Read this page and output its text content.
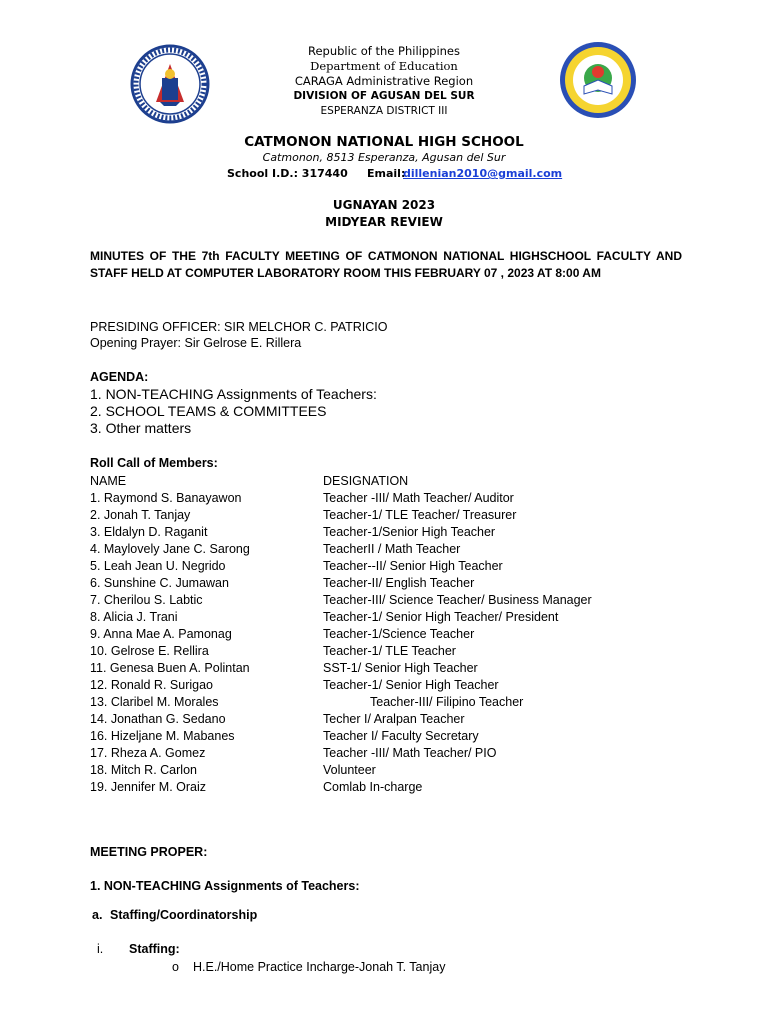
Republic of the Philippines
Department of Education
CARAGA Administrative Region
DIVISION OF AGUSAN DEL SUR
ESPERANZA DISTRICT III
CATMONON NATIONAL HIGH SCHOOL
Catmonon, 8513 Esperanza, Agusan del Sur
School I.D.: 317440 Email:
dillenian2010@gmail.com
UGNAYAN 2023
MIDYEAR REVIEW
MINUTES OF THE 7th FACULTY MEETING OF CATMONON NATIONAL HIGHSCHOOL FACULTY AND STAFF HELD AT COMPUTER LABORATORY ROOM THIS FEBRUARY 07 , 2023 AT 8:00 AM
PRESIDING OFFICER: SIR MELCHOR C. PATRICIO
Opening Prayer: Sir Gelrose E. Rillera
AGENDA:
1. NON-TEACHING Assignments of Teachers:
2. SCHOOL TEAMS & COMMITTEES
3. Other matters
Roll Call of Members:
NAME	DESIGNATION
1. Raymond S. Banayawon	Teacher -III/ Math Teacher/ Auditor
2. Jonah T. Tanjay	Teacher-1/ TLE Teacher/ Treasurer
3. Eldalyn D. Raganit	Teacher-1/Senior High Teacher
4. Maylovely Jane C. Sarong	TeacherII / Math Teacher
5. Leah Jean U. Negrido	Teacher--II/ Senior High Teacher
6. Sunshine C. Jumawan	Teacher-II/ English Teacher
7. Cherilou S. Labtic	Teacher-III/ Science Teacher/ Business Manager
8. Alicia J. Trani	Teacher-1/ Senior High Teacher/ President
9. Anna Mae A. Pamonag	Teacher-1/Science Teacher
10. Gelrose E. Rellira	Teacher-1/ TLE Teacher
11. Genesa Buen A. Polintan	SST-1/ Senior High Teacher
12. Ronald R. Surigao	Teacher-1/ Senior High Teacher
13. Claribel M. Morales	Teacher-III/ Filipino Teacher
14. Jonathan G. Sedano	Techer I/ Aralpan Teacher
16. Hizeljane M. Mabanes	Teacher I/ Faculty Secretary
17. Rheza A. Gomez	Teacher -III/ Math Teacher/ PIO
18. Mitch R. Carlon	Volunteer
19. Jennifer M. Oraiz	Comlab In-charge
MEETING PROPER:
1. NON-TEACHING Assignments of Teachers:
a. Staffing/Coordinatorship
i. Staffing:
o H.E./Home Practice Incharge-Jonah T. Tanjay
